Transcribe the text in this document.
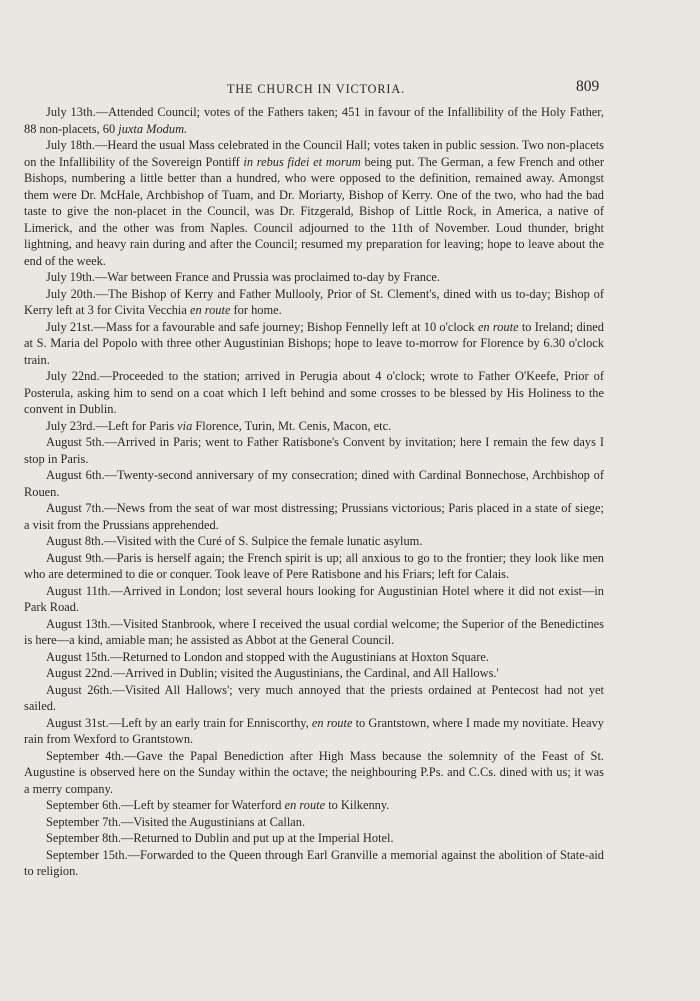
THE CHURCH IN VICTORIA.	809

July 13th.—Attended Council; votes of the Fathers taken; 451 in favour of the Infallibility of the Holy Father, 88 non-placets, 60 juxta Modum.

July 18th.—Heard the usual Mass celebrated in the Council Hall; votes taken in public session. Two non-placets on the Infallibility of the Sovereign Pontiff in rebus fidei et morum being put. The German, a few French and other Bishops, numbering a little better than a hundred, who were opposed to the definition, remained away. Amongst them were Dr. McHale, Archbishop of Tuam, and Dr. Moriarty, Bishop of Kerry. One of the two, who had the bad taste to give the non-placet in the Council, was Dr. Fitzgerald, Bishop of Little Rock, in America, a native of Limerick, and the other was from Naples. Council adjourned to the 11th of November. Loud thunder, bright lightning, and heavy rain during and after the Council; resumed my preparation for leaving; hope to leave about the end of the week.

July 19th.—War between France and Prussia was proclaimed to-day by France.

July 20th.—The Bishop of Kerry and Father Mullooly, Prior of St. Clement's, dined with us to-day; Bishop of Kerry left at 3 for Civita Vecchia en route for home.

July 21st.—Mass for a favourable and safe journey; Bishop Fennelly left at 10 o'clock en route to Ireland; dined at S. Maria del Popolo with three other Augustinian Bishops; hope to leave to-morrow for Florence by 6.30 o'clock train.

July 22nd.—Proceeded to the station; arrived in Perugia about 4 o'clock; wrote to Father O'Keefe, Prior of Posterula, asking him to send on a coat which I left behind and some crosses to be blessed by His Holiness to the convent in Dublin.

July 23rd.—Left for Paris via Florence, Turin, Mt. Cenis, Macon, etc.

August 5th.—Arrived in Paris; went to Father Ratisbone's Convent by invitation; here I remain the few days I stop in Paris.

August 6th.—Twenty-second anniversary of my consecration; dined with Cardinal Bonnechose, Archbishop of Rouen.

August 7th.—News from the seat of war most distressing; Prussians victorious; Paris placed in a state of siege; a visit from the Prussians apprehended.

August 8th.—Visited with the Curé of S. Sulpice the female lunatic asylum.

August 9th.—Paris is herself again; the French spirit is up; all anxious to go to the frontier; they look like men who are determined to die or conquer. Took leave of Pere Ratisbone and his Friars; left for Calais.

August 11th.—Arrived in London; lost several hours looking for Augustinian Hotel where it did not exist—in Park Road.

August 13th.—Visited Stanbrook, where I received the usual cordial welcome; the Superior of the Benedictines is here—a kind, amiable man; he assisted as Abbot at the General Council.

August 15th.—Returned to London and stopped with the Augustinians at Hoxton Square.

August 22nd.—Arrived in Dublin; visited the Augustinians, the Cardinal, and All Hallows.'

August 26th.—Visited All Hallows'; very much annoyed that the priests ordained at Pentecost had not yet sailed.

August 31st.—Left by an early train for Enniscorthy, en route to Grantstown, where I made my novitiate. Heavy rain from Wexford to Grantstown.

September 4th.—Gave the Papal Benediction after High Mass because the solemnity of the Feast of St. Augustine is observed here on the Sunday within the octave; the neighbouring P.Ps. and C.Cs. dined with us; it was a merry company.

September 6th.—Left by steamer for Waterford en route to Kilkenny.

September 7th.—Visited the Augustinians at Callan.

September 8th.—Returned to Dublin and put up at the Imperial Hotel.

September 15th.—Forwarded to the Queen through Earl Granville a memorial against the abolition of State-aid to religion.
